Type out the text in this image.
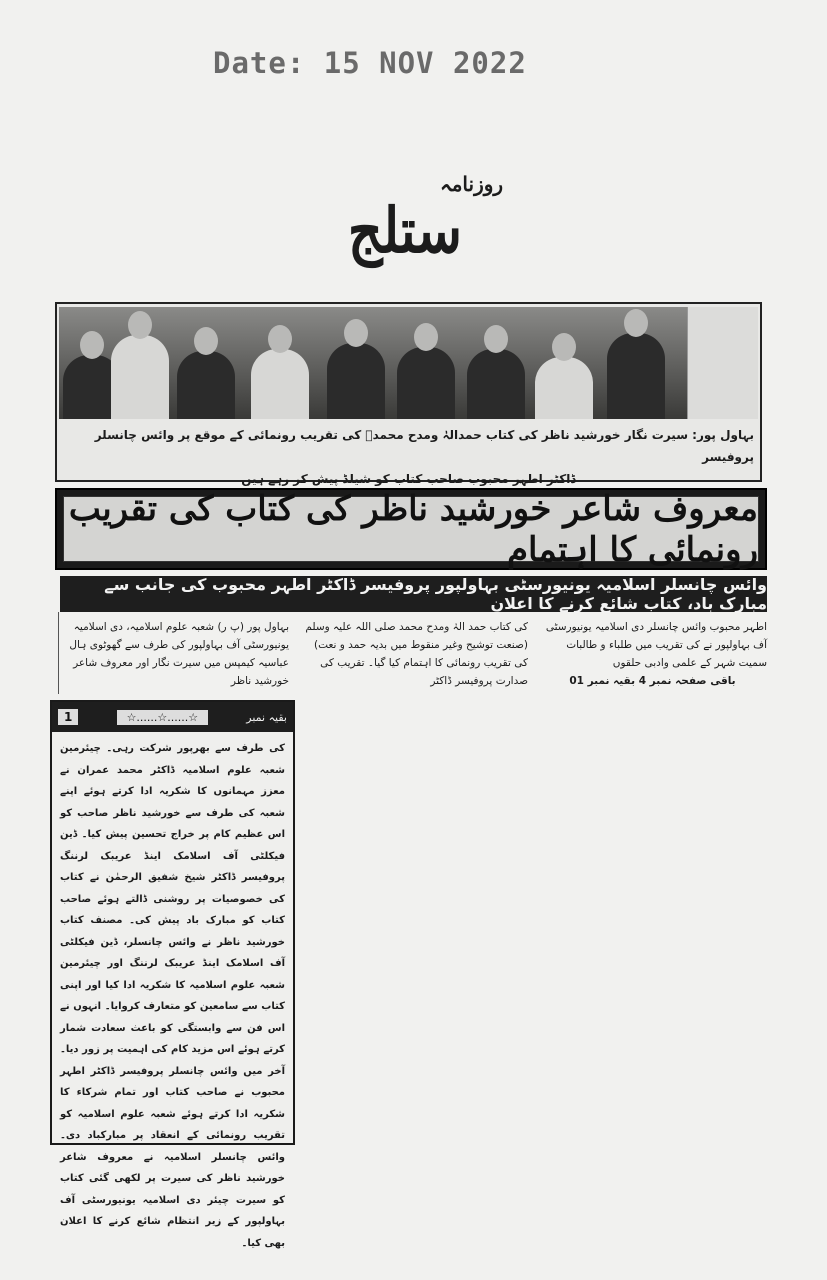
Date: 15 NOV 2022
روزنامہ
ستلج
بہاول پور: سیرت نگار خورشید ناظر کی کتاب حمدالہٰ ومدح محمدؐ کی تقریب رونمائی کے موقع پر وائس چانسلر پروفیسر
ڈاکٹر اطہر محبوب صاحب کتاب کو شیلڈ پیش کر رہے ہیں
معروف شاعر خورشید ناظر کی کتاب کی تقریب رونمائی کا اہتمام
وائس چانسلر اسلامیہ یونیورسٹی بہاولپور پروفیسر ڈاکٹر اطہر محبوب کی جانب سے مبارک باد، کتاب شائع کرنے کا اعلان
بہاول پور (پ ر) شعبہ علوم اسلامیہ، دی اسلامیہ یونیورسٹی آف بہاولپور کی طرف سے گھوٹوی ہال عباسیہ کیمپس میں سیرت نگار اور معروف شاعر خورشید ناظر
کی کتاب حمد الہٰ ومدح محمد صلی اللہ علیہ وسلم (صنعت توشیح وغیر منقوط میں بدیہ حمد و نعت) کی تقریب رونمائی کا اہتمام کیا گیا۔ تقریب کی صدارت پروفیسر ڈاکٹر
اطہر محبوب وائس چانسلر دی اسلامیہ یونیورسٹی آف بہاولپور نے کی تقریب میں طلباء و طالبات سمیت شہر کے علمی وادبی حلقوں
باقی صفحہ نمبر 4 بقیہ نمبر 01
بقیہ نمبر
☆......☆......☆
1
کی طرف سے بھرپور شرکت رہی۔ چیئرمین شعبہ علوم اسلامیہ ڈاکٹر محمد عمران نے معزز مہمانوں کا شکریہ ادا کرتے ہوئے اپنے شعبہ کی طرف سے خورشید ناظر صاحب کو اس عظیم کام پر خراج تحسین پیش کیا۔ ڈین فیکلٹی آف اسلامک اینڈ عریبک لرننگ پروفیسر ڈاکٹر شیخ شفیق الرحمٰن نے کتاب کی خصوصیات پر روشنی ڈالتے ہوئے صاحب کتاب کو مبارک باد پیش کی۔ مصنف کتاب خورشید ناظر نے وائس چانسلر، ڈین فیکلٹی آف اسلامک اینڈ عریبک لرننگ اور چیئرمین شعبہ علوم اسلامیہ کا شکریہ ادا کیا اور اپنی کتاب سے سامعین کو متعارف کروایا۔ انہوں نے اس فن سے وابستگی کو باعث سعادت شمار کرتے ہوئے اس مزید کام کی اہمیت پر زور دیا۔ آخر میں وائس چانسلر پروفیسر ڈاکٹر اطہر محبوب نے صاحب کتاب اور تمام شرکاء کا شکریہ ادا کرتے ہوئے شعبہ علوم اسلامیہ کو تقریب رونمائی کے انعقاد پر مبارکباد دی۔ وائس چانسلر اسلامیہ نے معروف شاعر خورشید ناظر کی سیرت پر لکھی گئی کتاب کو سیرت چیئر دی اسلامیہ یونیورسٹی آف بہاولپور کے زیر انتظام شائع کرنے کا اعلان بھی کیا۔
